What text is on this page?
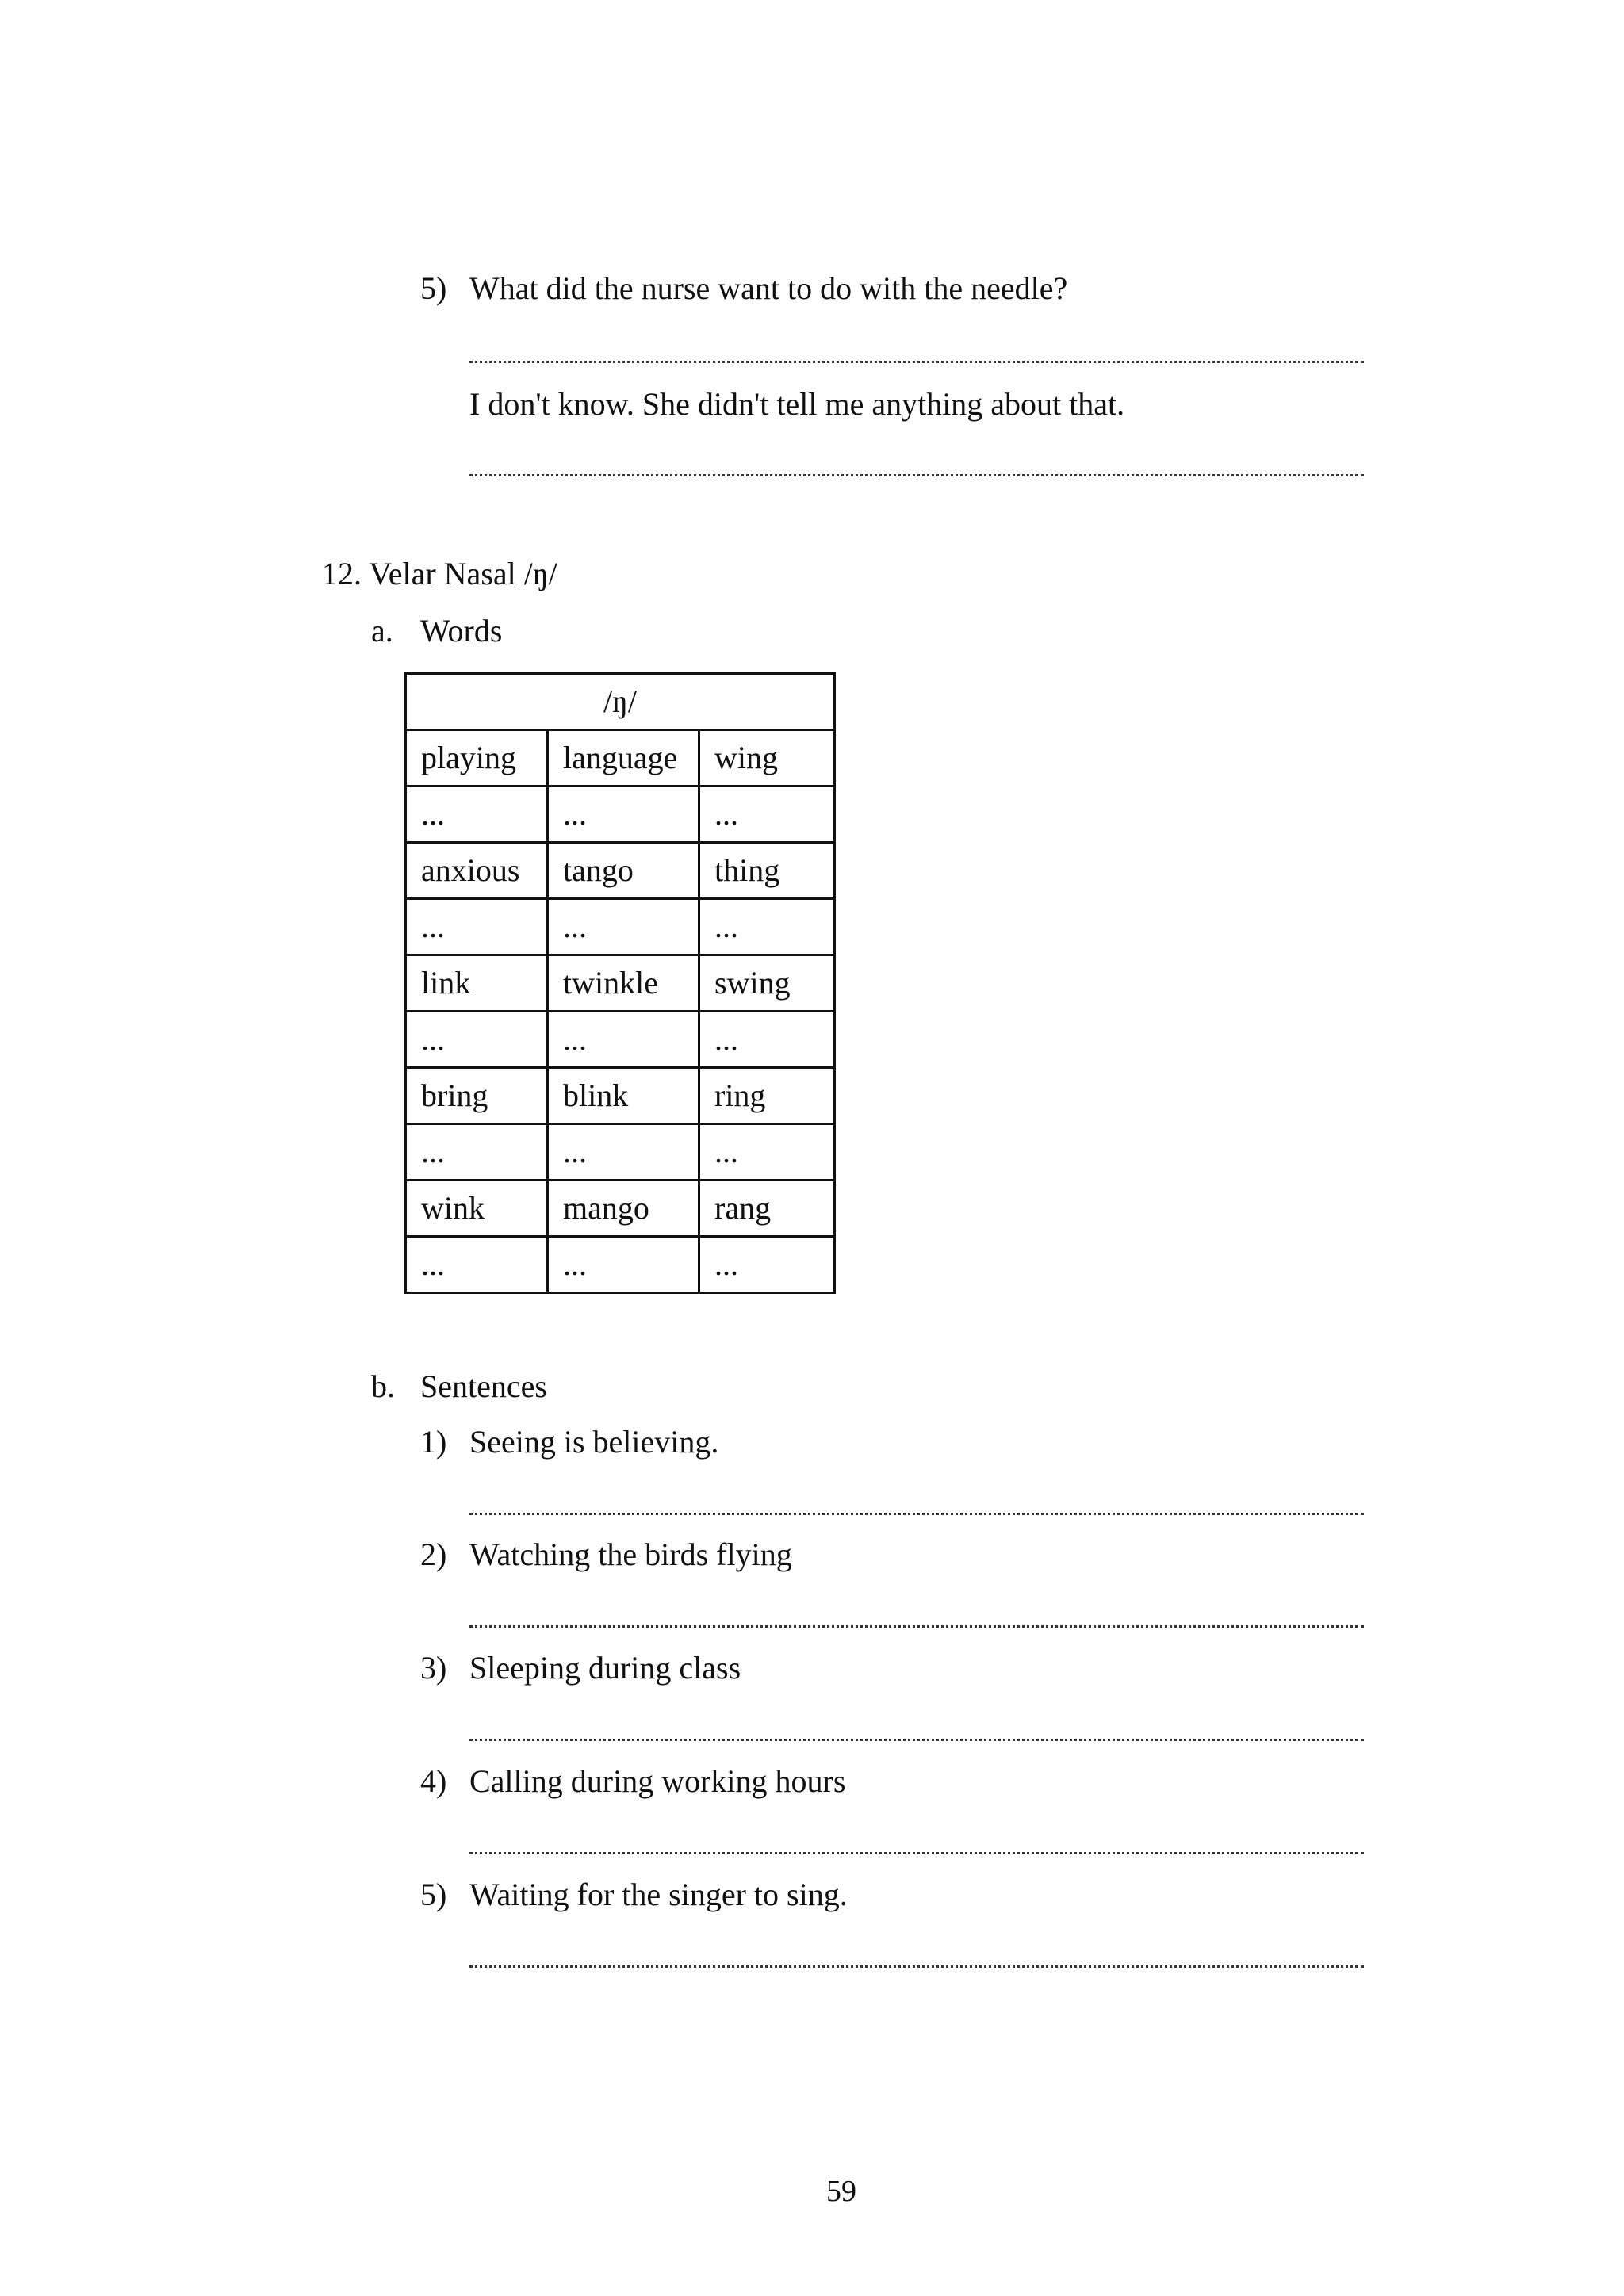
5) What did the nurse want to do with the needle?
I don't know. She didn't tell me anything about that.
12. Velar Nasal /ŋ/
a. Words
/ŋ/		
playing	language	wing
...	...	...
anxious	tango	thing
...	...	...
link	twinkle	swing
...	...	...
bring	blink	ring
...	...	...
wink	mango	rang
...	...	...
b. Sentences
1) Seeing is believing.
2) Watching the birds flying
3) Sleeping during class
4) Calling during working hours
5) Waiting for the singer to sing.
59
